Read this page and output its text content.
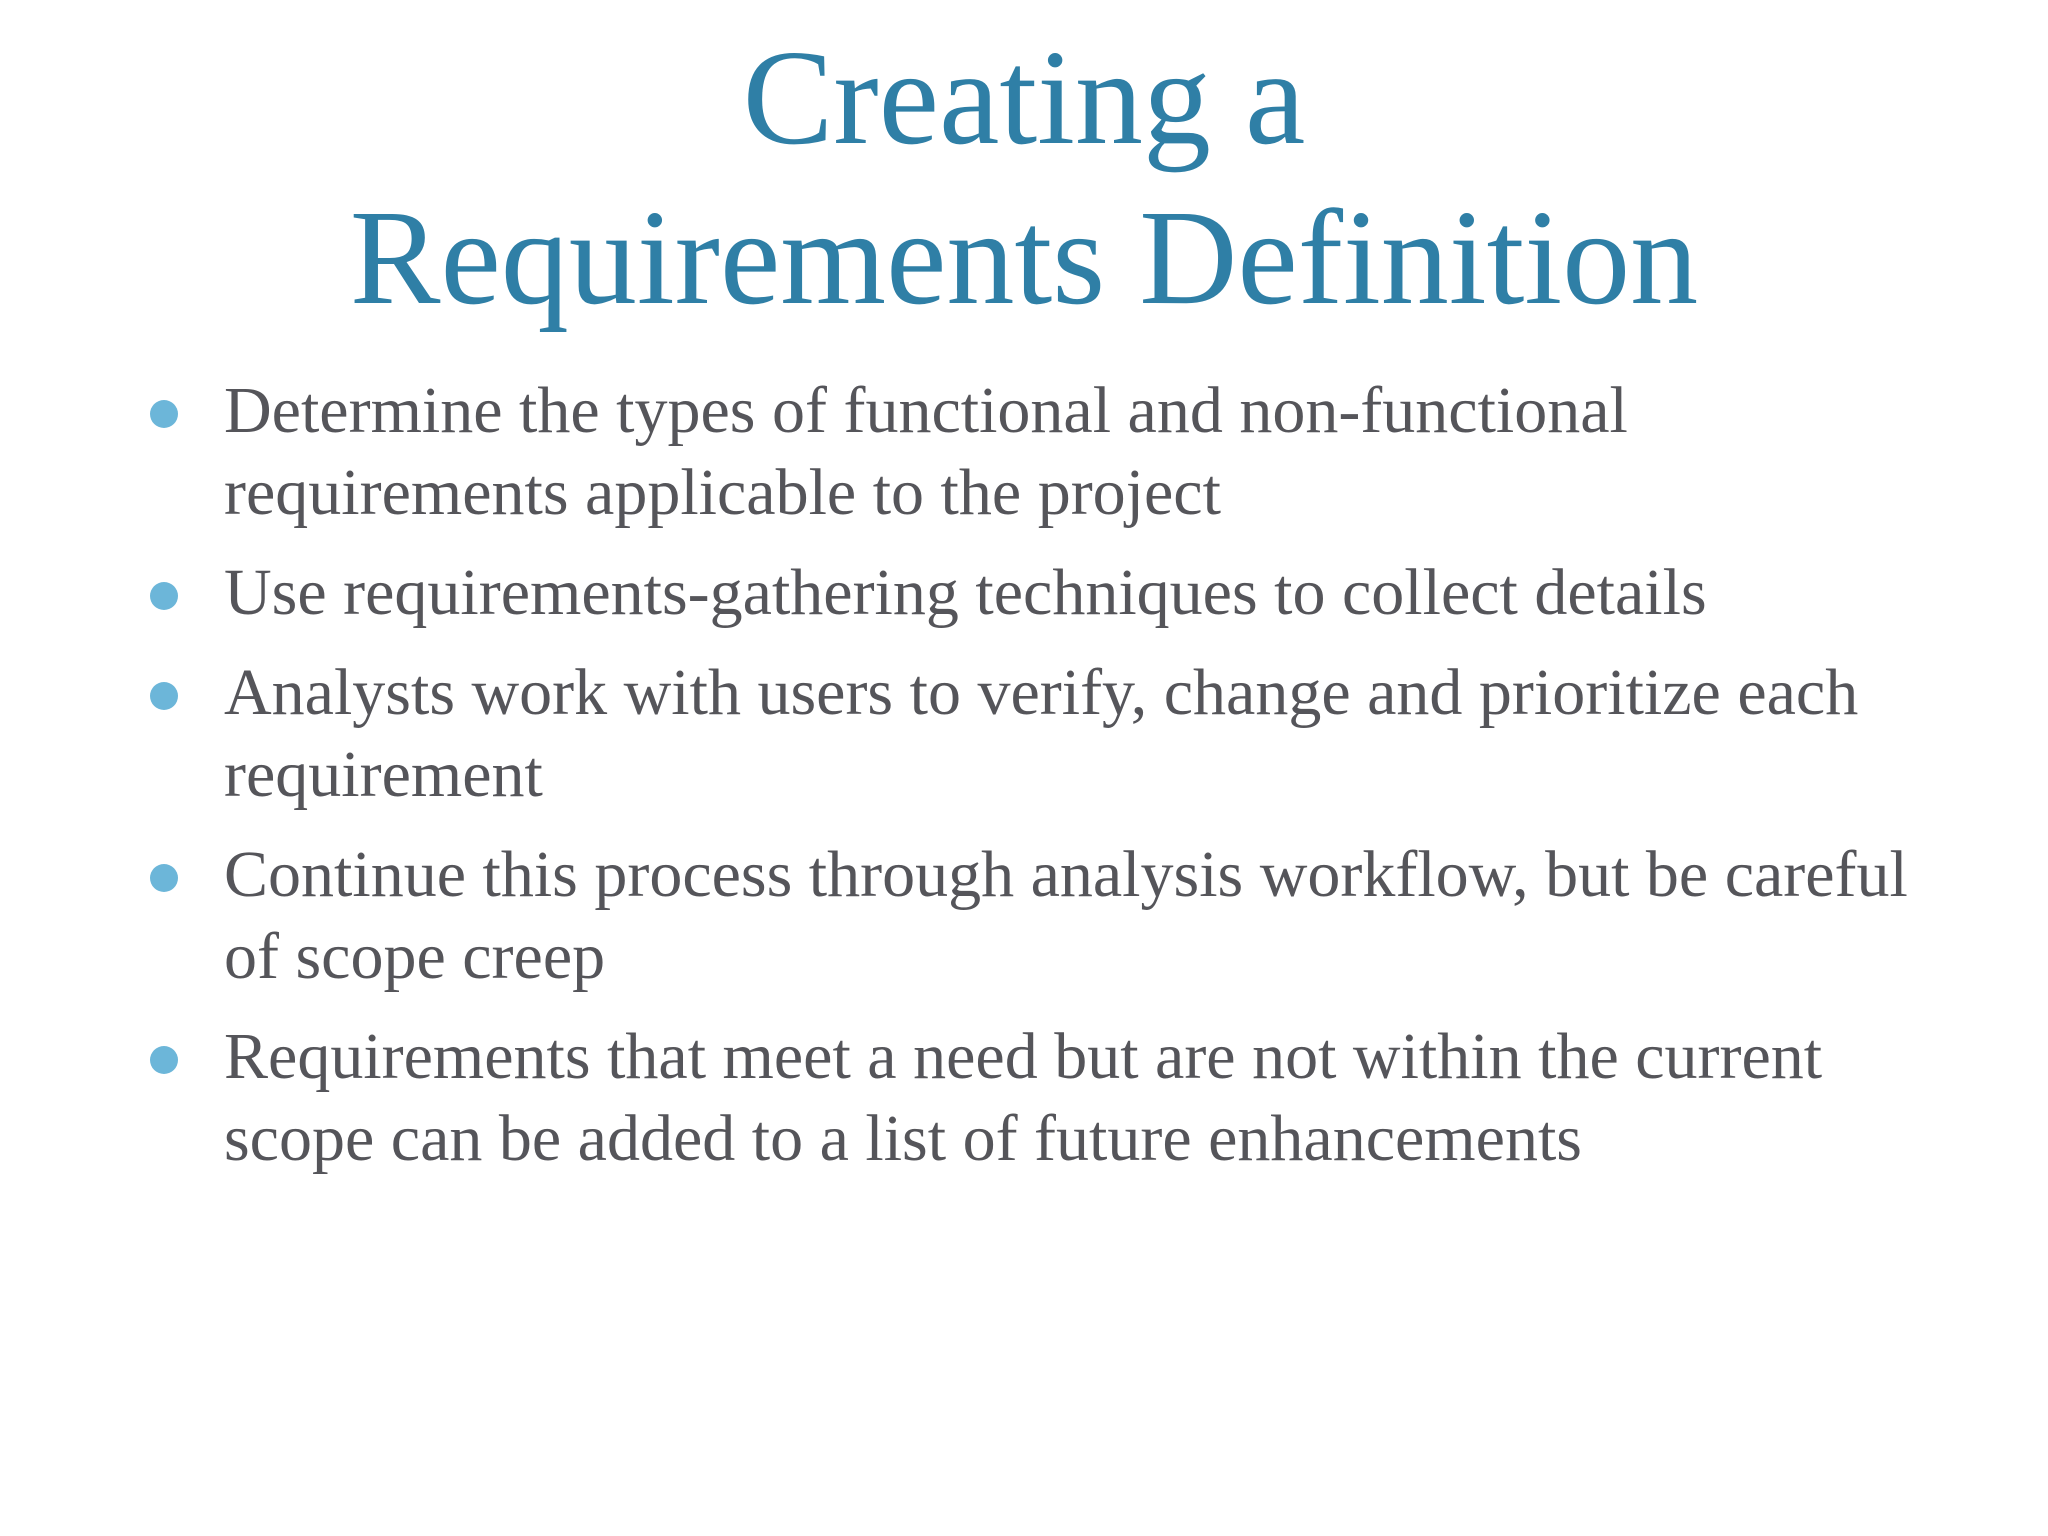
Creating a
Requirements Definition
Determine the types of functional and non-functional requirements applicable to the project
Use requirements-gathering techniques to collect details
Analysts work with users to verify, change and prioritize each requirement
Continue this process through analysis workflow, but be careful of scope creep
Requirements that meet a need but are not within the current scope can be added to a list of future enhancements
